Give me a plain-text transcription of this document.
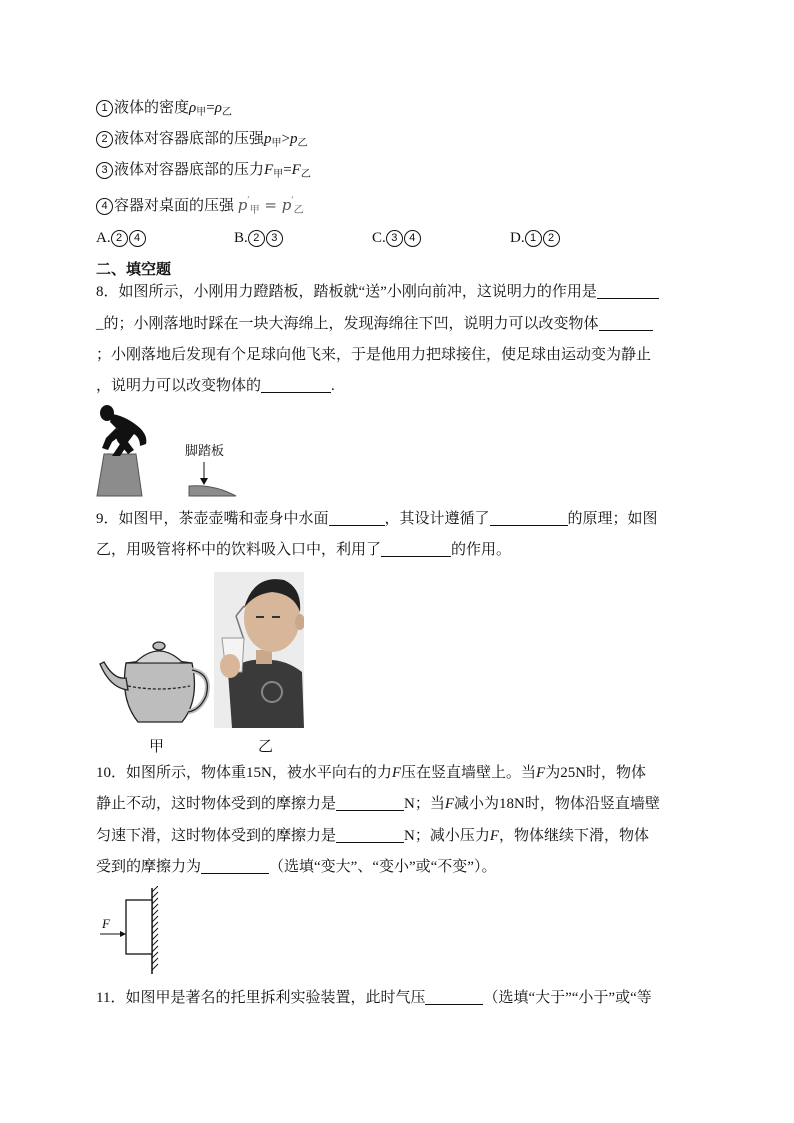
1 液体的密度$\rho_甲=\rho_乙$
2 液体对容器底部的压强$p_甲>p_乙$
3 液体对容器底部的压力$F_甲=F_乙$
4 容器对桌面的压强 $p'_甲 = p'_乙$
A. 2 4	B. 2 3	C. 3 4	D. 1 2
二、填空题
8．如图所示，小刚用力蹬踏板，踏板就“送”小刚向前冲，这说明力的作用是
_的；小刚落地时踩在一块大海绵上，发现海绵往下凹，说明力可以改变物体
；小刚落地后发现有个足球向他飞来，于是他用力把球接住，使足球由运动变为静止
，说明力可以改变物体的	.
脚踏板
9．如图甲，茶壶壶嘴和壶身中水面	，其设计遵循了	的原理；如图
乙，用吸管将杯中的饮料吸入口中，利用了	的作用。
甲	乙
10．如图所示，物体重15N，被水平向右的力F压在竖直墙壁上。当F为25N时，物体
静止不动，这时物体受到的摩擦力是	N；当F减小为18N时，物体沿竖直墙壁
匀速下滑，这时物体受到的摩擦力是	N；减小压力F，物体继续下滑，物体
受到的摩擦力为	（选填“变大”、“变小”或“不变”）。
F
11．如图甲是著名的托里拆利实验装置，此时气压	（选填“大于”“小于”或“等
